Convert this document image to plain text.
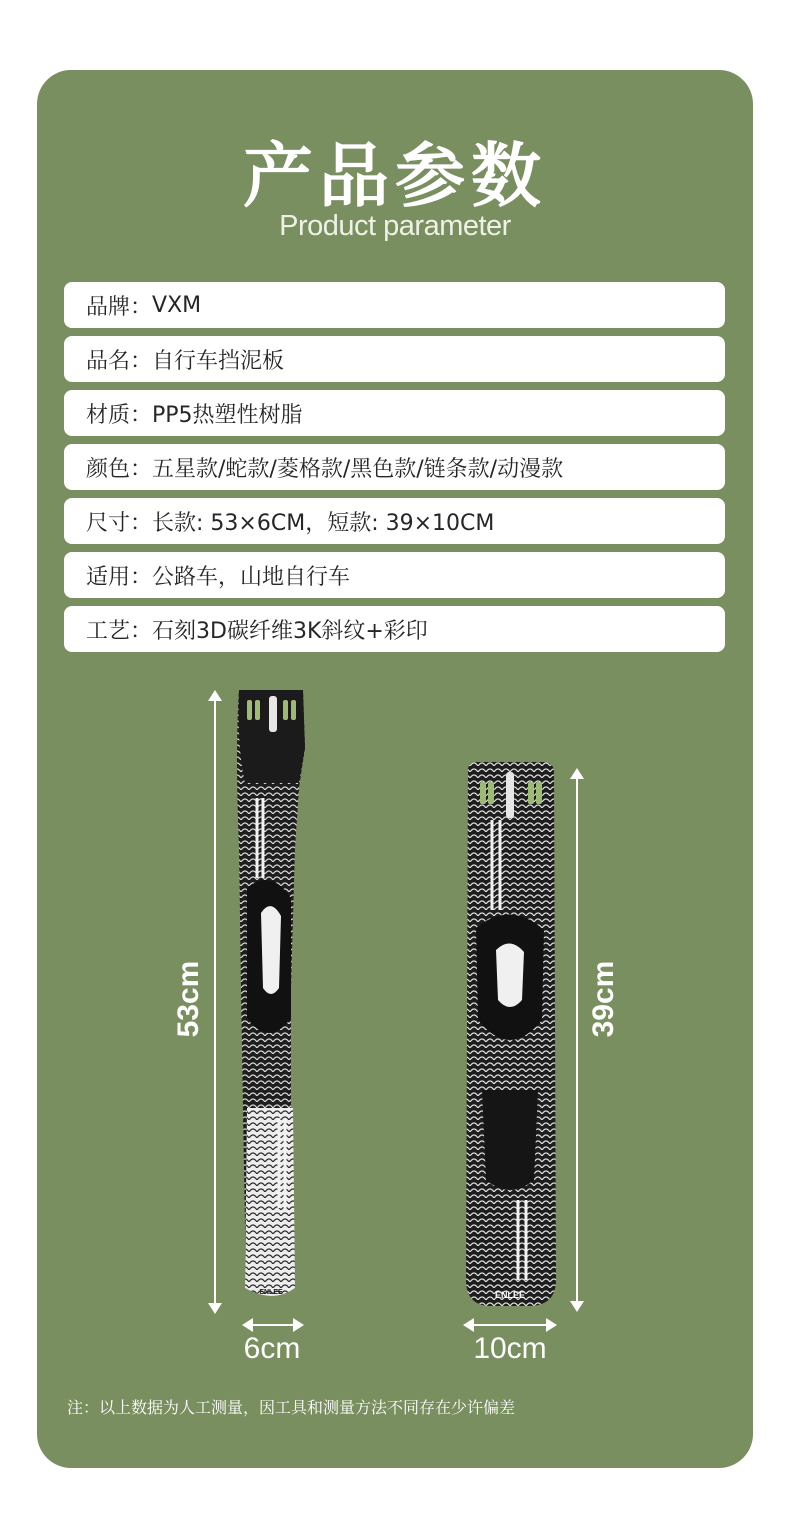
产品参数
Product parameter
品牌： VXM
品名： 自行车挡泥板
材质： PP5热塑性树脂
颜色： 五星款/蛇款/菱格款/黑色款/链条款/动漫款
尺寸： 长款: 53×6CM，短款: 39×10CM
适用： 公路车，山地自行车
工艺： 石刻3D碳纤维3K斜纹+彩印
53cm
ENLEE
6cm
ENLEE
39cm
10cm
注：以上数据为人工测量，因工具和测量方法不同存在少许偏差
